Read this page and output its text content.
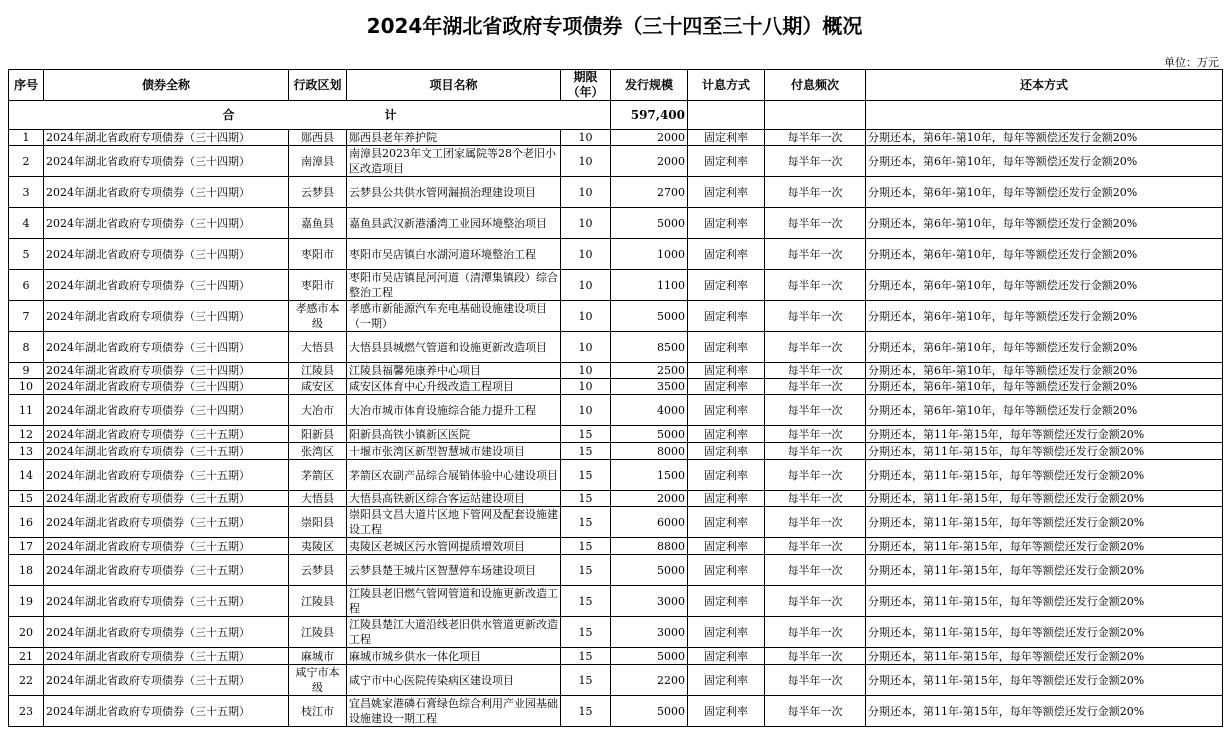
2024年湖北省政府专项债券（三十四至三十八期）概况
单位：万元
序号	债券全称	行政区划	项目名称	期限（年）	发行规模	计息方式	付息频次	还本方式
合 计					597,400			
1	2024年湖北省政府专项债券（三十四期）	郧西县	郧西县老年养护院	10	2000	固定利率	每半年一次	分期还本，第6年-第10年，每年等额偿还发行金额20%
2	2024年湖北省政府专项债券（三十四期）	南漳县	南漳县2023年文工团家属院等28个老旧小区改造项目	10	2000	固定利率	每半年一次	分期还本，第6年-第10年，每年等额偿还发行金额20%
3	2024年湖北省政府专项债券（三十四期）	云梦县	云梦县公共供水管网漏损治理建设项目	10	2700	固定利率	每半年一次	分期还本，第6年-第10年，每年等额偿还发行金额20%
4	2024年湖北省政府专项债券（三十四期）	嘉鱼县	嘉鱼县武汉新港潘湾工业园环境整治项目	10	5000	固定利率	每半年一次	分期还本，第6年-第10年，每年等额偿还发行金额20%
5	2024年湖北省政府专项债券（三十四期）	枣阳市	枣阳市吴店镇白水湖河道环境整治工程	10	1000	固定利率	每半年一次	分期还本，第6年-第10年，每年等额偿还发行金额20%
6	2024年湖北省政府专项债券（三十四期）	枣阳市	枣阳市吴店镇昆河河道（清潭集镇段）综合整治工程	10	1100	固定利率	每半年一次	分期还本，第6年-第10年，每年等额偿还发行金额20%
7	2024年湖北省政府专项债券（三十四期）	孝感市本级	孝感市新能源汽车充电基础设施建设项目（一期）	10	5000	固定利率	每半年一次	分期还本，第6年-第10年，每年等额偿还发行金额20%
8	2024年湖北省政府专项债券（三十四期）	大悟县	大悟县县城燃气管道和设施更新改造项目	10	8500	固定利率	每半年一次	分期还本，第6年-第10年，每年等额偿还发行金额20%
9	2024年湖北省政府专项债券（三十四期）	江陵县	江陵县福馨苑康养中心项目	10	2500	固定利率	每半年一次	分期还本，第6年-第10年，每年等额偿还发行金额20%
10	2024年湖北省政府专项债券（三十四期）	咸安区	咸安区体育中心升级改造工程项目	10	3500	固定利率	每半年一次	分期还本，第6年-第10年，每年等额偿还发行金额20%
11	2024年湖北省政府专项债券（三十四期）	大冶市	大冶市城市体育设施综合能力提升工程	10	4000	固定利率	每半年一次	分期还本，第6年-第10年，每年等额偿还发行金额20%
12	2024年湖北省政府专项债券（三十五期）	阳新县	阳新县高铁小镇新区医院	15	5000	固定利率	每半年一次	分期还本，第11年-第15年，每年等额偿还发行金额20%
13	2024年湖北省政府专项债券（三十五期）	张湾区	十堰市张湾区新型智慧城市建设项目	15	8000	固定利率	每半年一次	分期还本，第11年-第15年，每年等额偿还发行金额20%
14	2024年湖北省政府专项债券（三十五期）	茅箭区	茅箭区农副产品综合展销体验中心建设项目	15	1500	固定利率	每半年一次	分期还本，第11年-第15年，每年等额偿还发行金额20%
15	2024年湖北省政府专项债券（三十五期）	大悟县	大悟县高铁新区综合客运站建设项目	15	2000	固定利率	每半年一次	分期还本，第11年-第15年，每年等额偿还发行金额20%
16	2024年湖北省政府专项债券（三十五期）	崇阳县	崇阳县文昌大道片区地下管网及配套设施建设工程	15	6000	固定利率	每半年一次	分期还本，第11年-第15年，每年等额偿还发行金额20%
17	2024年湖北省政府专项债券（三十五期）	夷陵区	夷陵区老城区污水管网提质增效项目	15	8800	固定利率	每半年一次	分期还本，第11年-第15年，每年等额偿还发行金额20%
18	2024年湖北省政府专项债券（三十五期）	云梦县	云梦县楚王城片区智慧停车场建设项目	15	5000	固定利率	每半年一次	分期还本，第11年-第15年，每年等额偿还发行金额20%
19	2024年湖北省政府专项债券（三十五期）	江陵县	江陵县老旧燃气管网管道和设施更新改造工程	15	3000	固定利率	每半年一次	分期还本，第11年-第15年，每年等额偿还发行金额20%
20	2024年湖北省政府专项债券（三十五期）	江陵县	江陵县楚江大道沿线老旧供水管道更新改造工程	15	3000	固定利率	每半年一次	分期还本，第11年-第15年，每年等额偿还发行金额20%
21	2024年湖北省政府专项债券（三十五期）	麻城市	麻城市城乡供水一体化项目	15	5000	固定利率	每半年一次	分期还本，第11年-第15年，每年等额偿还发行金额20%
22	2024年湖北省政府专项债券（三十五期）	咸宁市本级	咸宁市中心医院传染病区建设项目	15	2200	固定利率	每半年一次	分期还本，第11年-第15年，每年等额偿还发行金额20%
23	2024年湖北省政府专项债券（三十五期）	枝江市	宜昌姚家港磷石膏绿色综合利用产业园基础设施建设一期工程	15	5000	固定利率	每半年一次	分期还本，第11年-第15年，每年等额偿还发行金额20%
